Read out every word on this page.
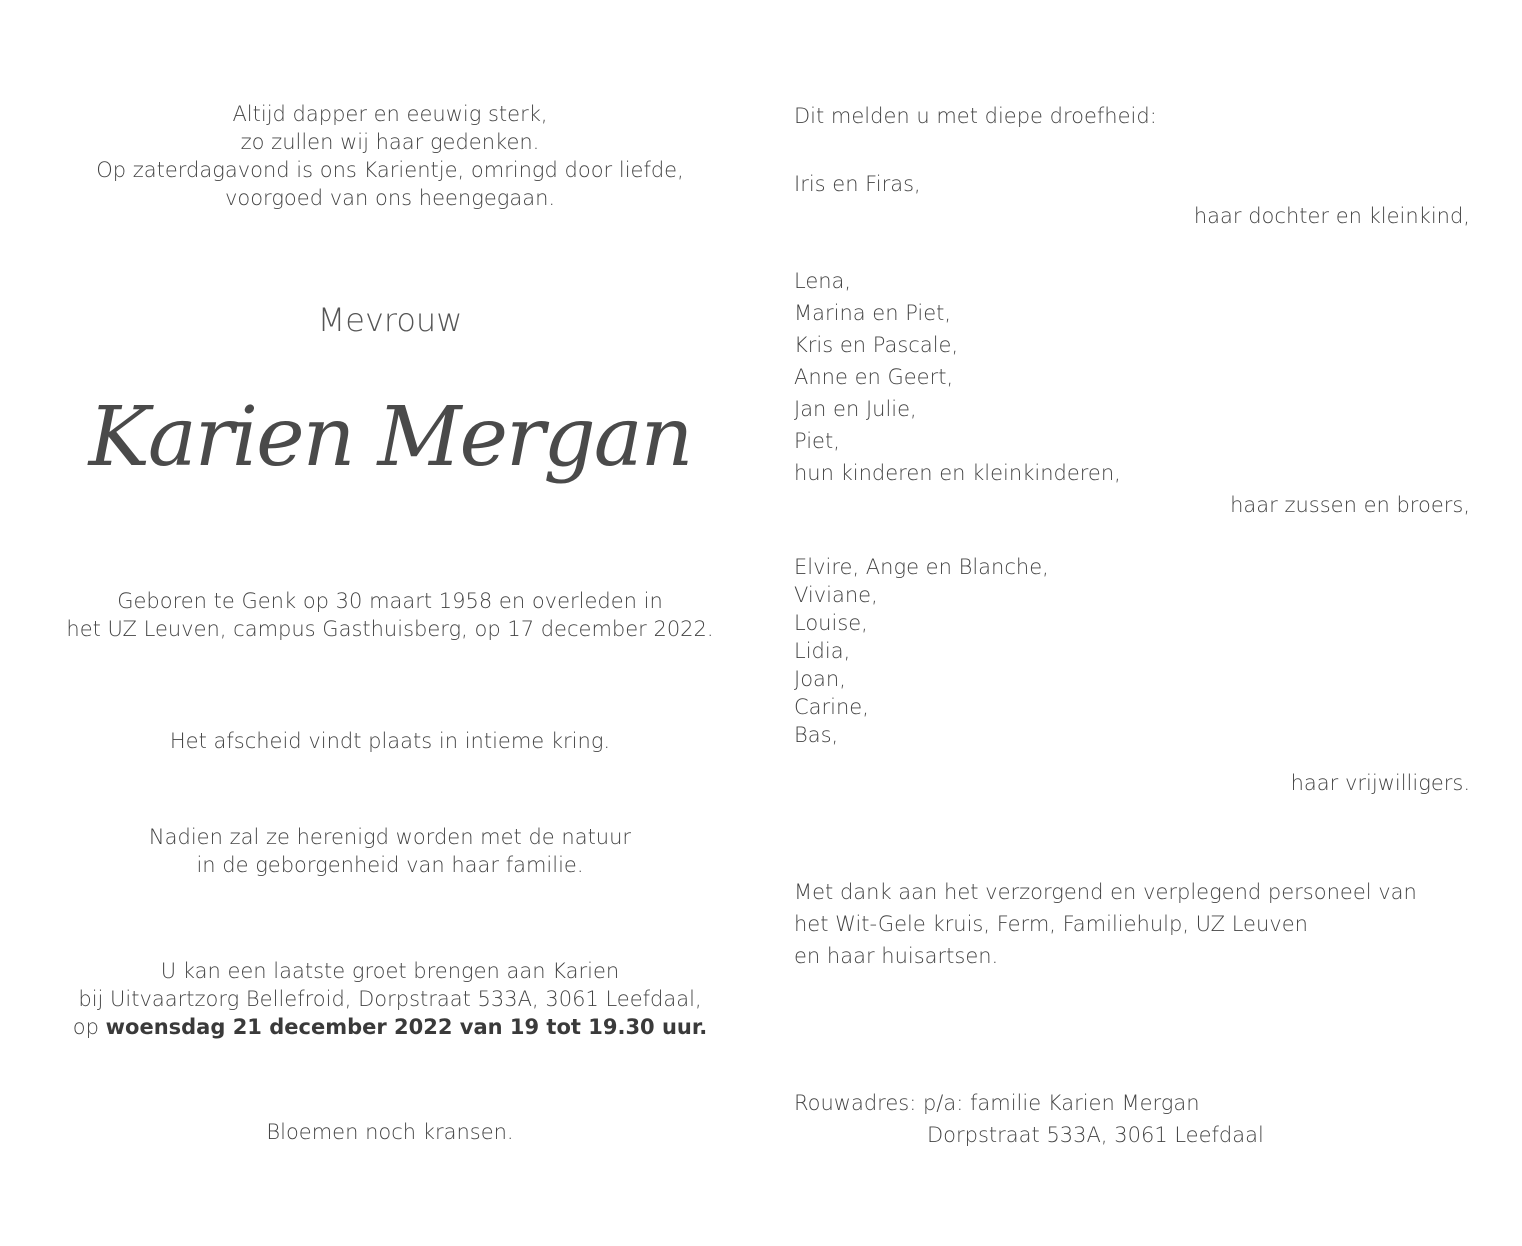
Altijd dapper en eeuwig sterk,
zo zullen wij haar gedenken.
Op zaterdagavond is ons Karientje, omringd door liefde,
voorgoed van ons heengegaan.
Mevrouw
Karien Mergan
Geboren te Genk op 30 maart 1958 en overleden in
het UZ Leuven, campus Gasthuisberg, op 17 december 2022.
Het afscheid vindt plaats in intieme kring.
Nadien zal ze herenigd worden met de natuur
in de geborgenheid van haar familie.
U kan een laatste groet brengen aan Karien
bij Uitvaartzorg Bellefroid, Dorpstraat 533A, 3061 Leefdaal,
op woensdag 21 december 2022 van 19 tot 19.30 uur.
Bloemen noch kransen.
Dit melden u met diepe droefheid:
Iris en Firas,
haar dochter en kleinkind,
Lena,
Marina en Piet,
Kris en Pascale,
Anne en Geert,
Jan en Julie,
Piet,
hun kinderen en kleinkinderen,
haar zussen en broers,
Elvire, Ange en Blanche,
Viviane,
Louise,
Lidia,
Joan,
Carine,
Bas,
haar vrijwilligers.
Met dank aan het verzorgend en verplegend personeel van
het Wit-Gele kruis, Ferm, Familiehulp, UZ Leuven
en haar huisartsen.
Rouwadres: p/a: familie Karien Mergan
Dorpstraat 533A, 3061 Leefdaal
